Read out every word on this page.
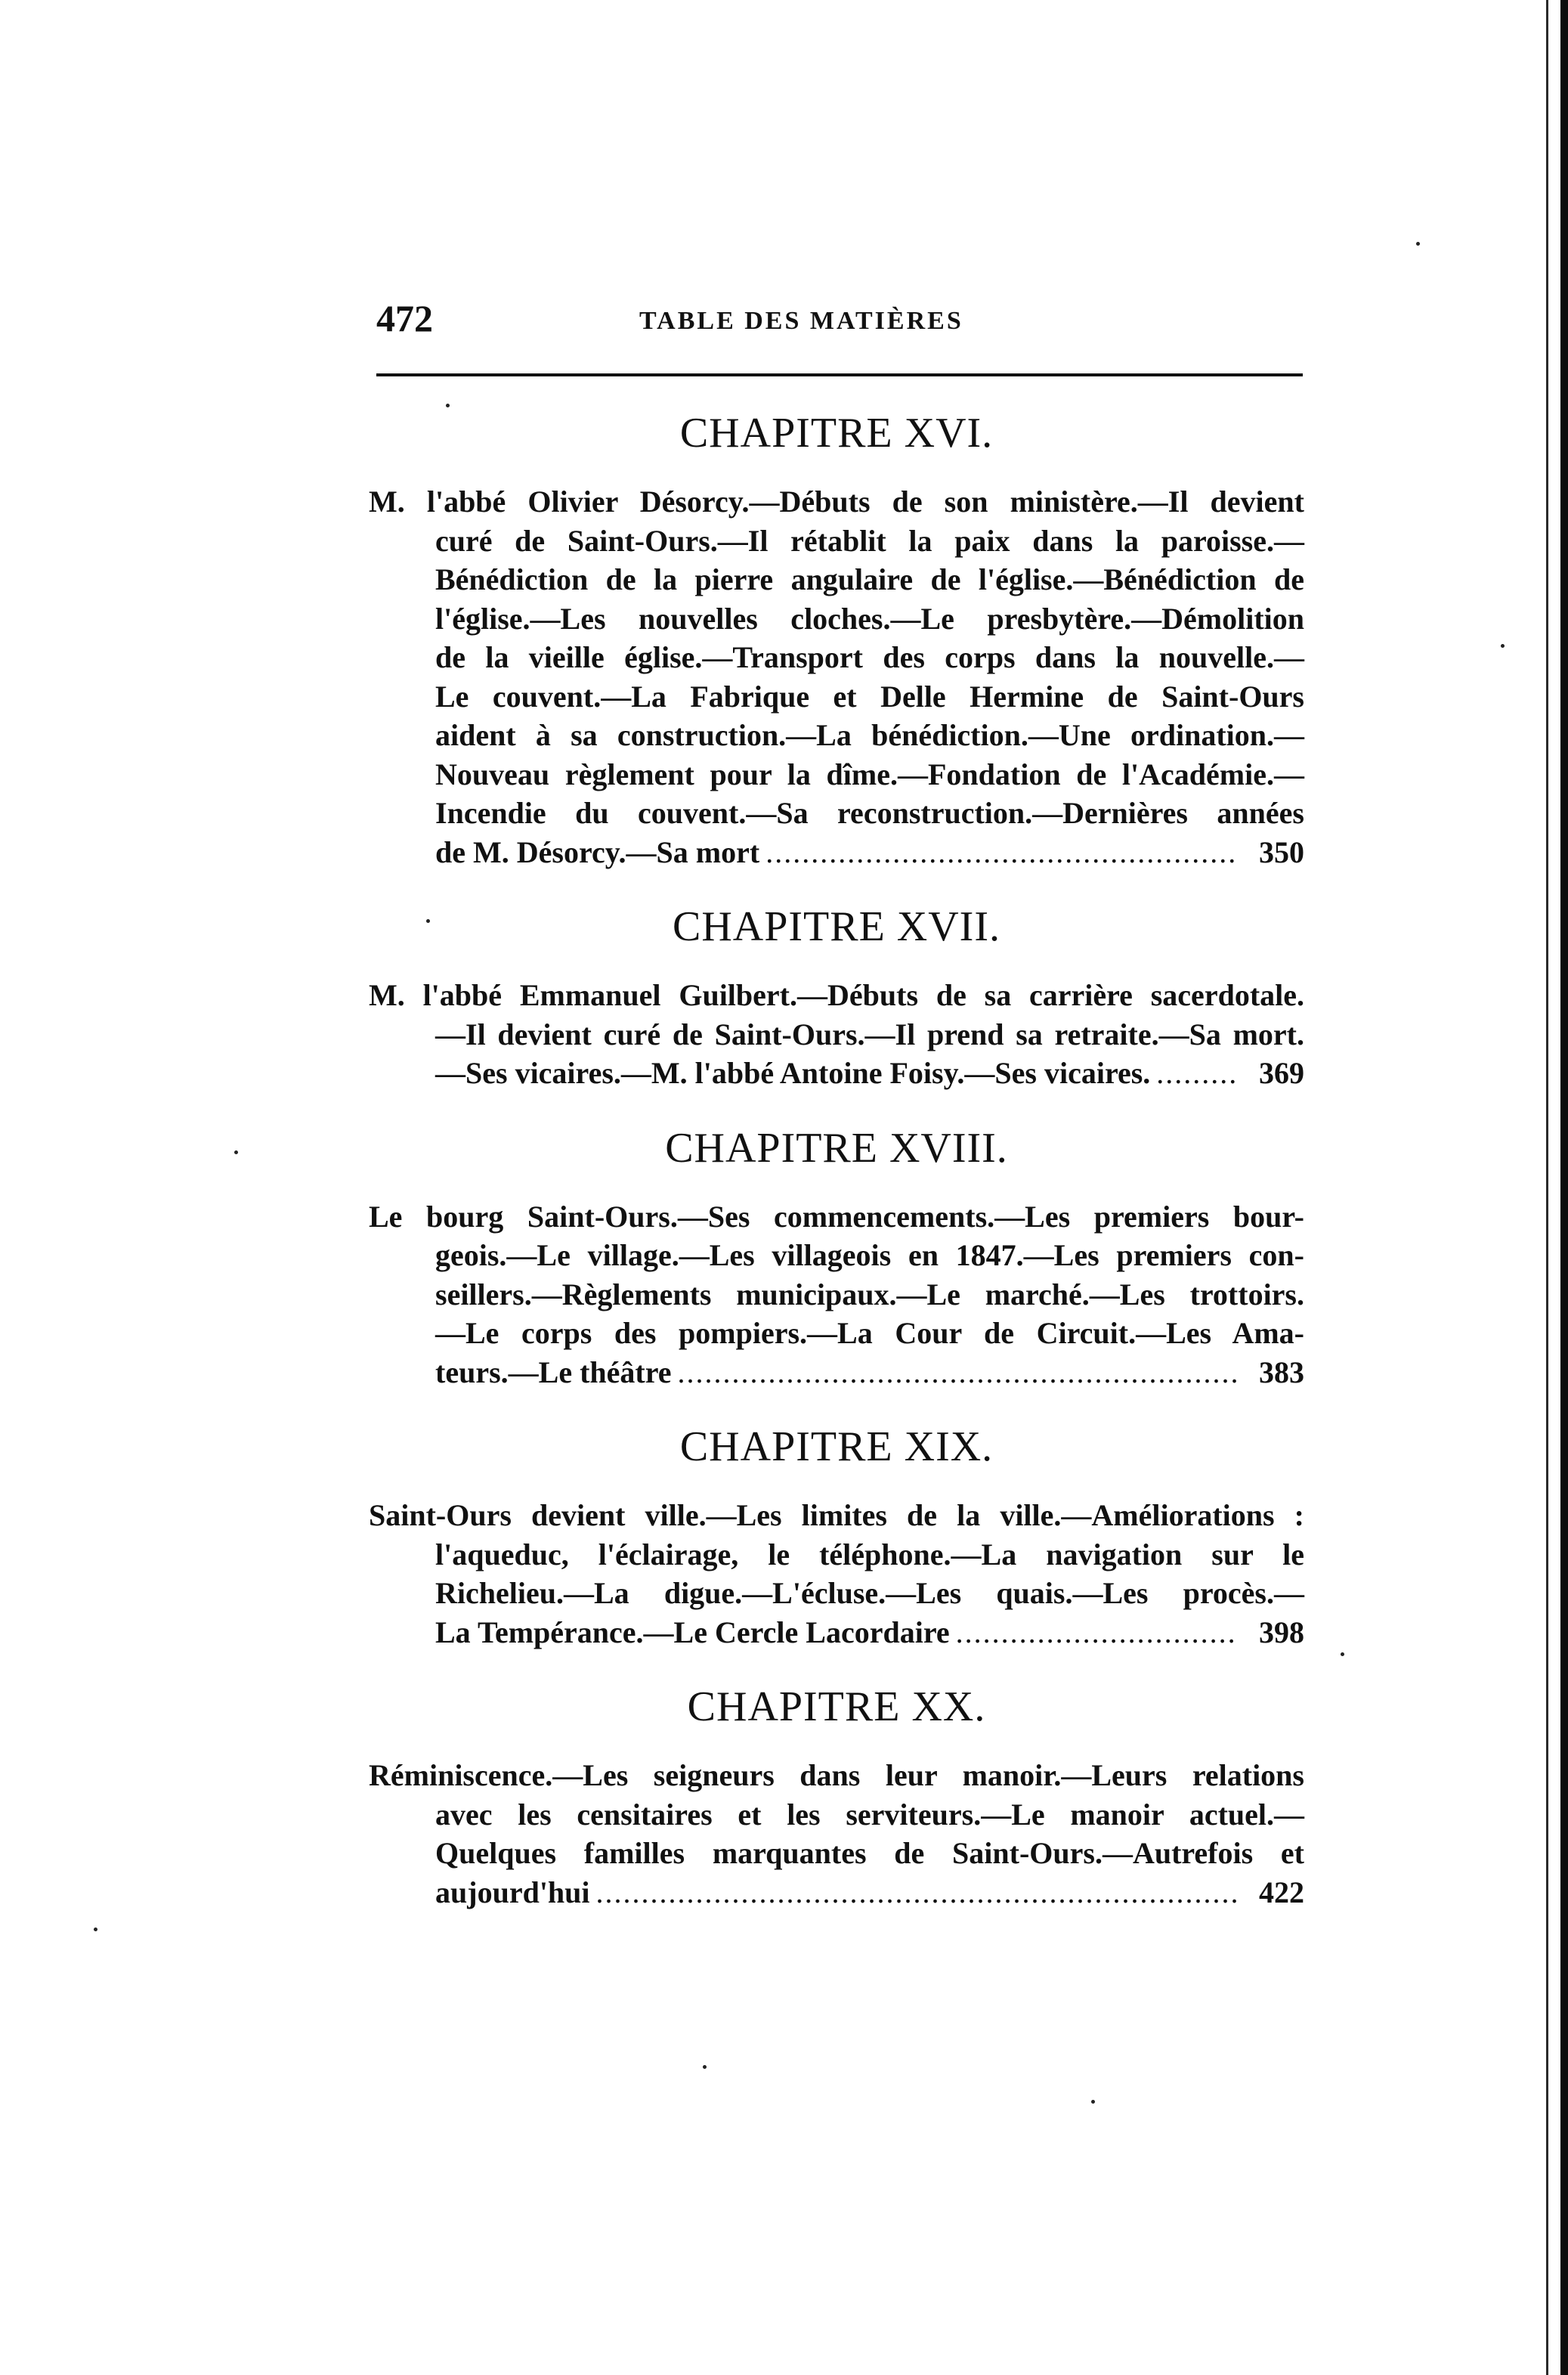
472	TABLE DES MATIÈRES
CHAPITRE XVI.
M. l'abbé Olivier Désorcy.—Débuts de son ministère.—Il devient
curé de Saint-Ours.—Il rétablit la paix dans la paroisse.—
Bénédiction de la pierre angulaire de l'église.—Bénédiction de
l'église.—Les nouvelles cloches.—Le presbytère.—Démolition
de la vieille église.—Transport des corps dans la nouvelle.—
Le couvent.—La Fabrique et Delle Hermine de Saint-Ours
aident à sa construction.—La bénédiction.—Une ordination.—
Nouveau règlement pour la dîme.—Fondation de l'Académie.—
Incendie du couvent.—Sa reconstruction.—Dernières années
de M. Désorcy.—Sa mort .....	350
CHAPITRE XVII.
M. l'abbé Emmanuel Guilbert.—Débuts de sa carrière sacerdotale.
—Il devient curé de Saint-Ours.—Il prend sa retraite.—Sa mort.
—Ses vicaires.—M. l'abbé Antoine Foisy.—Ses vicaires. .....	369
CHAPITRE XVIII.
Le bourg Saint-Ours.—Ses commencements.—Les premiers bour-
geois.—Le village.—Les villageois en 1847.—Les premiers con-
seillers.—Règlements municipaux.—Le marché.—Les trottoirs.
—Le corps des pompiers.—La Cour de Circuit.—Les Ama-
teurs.—Le théâtre .....	383
CHAPITRE XIX.
Saint-Ours devient ville.—Les limites de la ville.—Améliorations :
l'aqueduc, l'éclairage, le téléphone.—La navigation sur le
Richelieu.—La digue.—L'écluse.—Les quais.—Les procès.—
La Tempérance.—Le Cercle Lacordaire .....	398
CHAPITRE XX.
Réminiscence.—Les seigneurs dans leur manoir.—Leurs relations
avec les censitaires et les serviteurs.—Le manoir actuel.—
Quelques familles marquantes de Saint-Ours.—Autrefois et
aujourd'hui .....	422
